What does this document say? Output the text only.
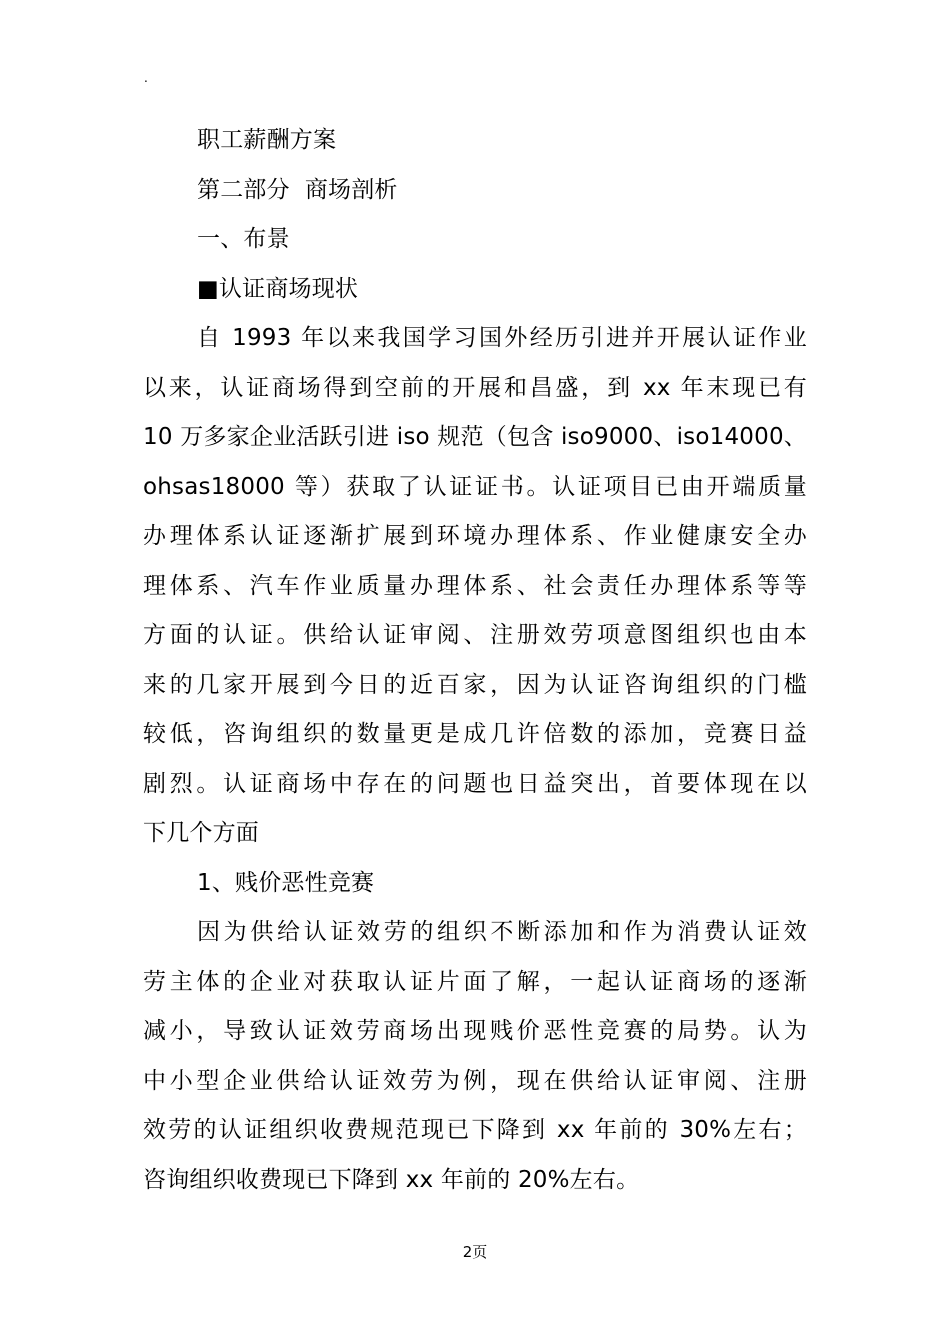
.
职工薪酬方案
第二部分  商场剖析
一、布景
■认证商场现状
自 1993 年以来我国学习国外经历引进并开展认证作业
以来，认证商场得到空前的开展和昌盛，到 xx 年末现已有
10 万多家企业活跃引进 iso 规范（包含 iso9000、iso14000、
ohsas18000 等）获取了认证证书。认证项目已由开端质量
办理体系认证逐渐扩展到环境办理体系、作业健康安全办
理体系、汽车作业质量办理体系、社会责任办理体系等等
方面的认证。供给认证审阅、注册效劳项意图组织也由本
来的几家开展到今日的近百家，因为认证咨询组织的门槛
较低，咨询组织的数量更是成几许倍数的添加，竞赛日益
剧烈。认证商场中存在的问题也日益突出，首要体现在以
下几个方面
1、贱价恶性竞赛
因为供给认证效劳的组织不断添加和作为消费认证效
劳主体的企业对获取认证片面了解，一起认证商场的逐渐
减小，导致认证效劳商场出现贱价恶性竞赛的局势。认为
中小型企业供给认证效劳为例，现在供给认证审阅、注册
效劳的认证组织收费规范现已下降到 xx 年前的 30%左右；
咨询组织收费现已下降到 xx 年前的 20%左右。
2页
